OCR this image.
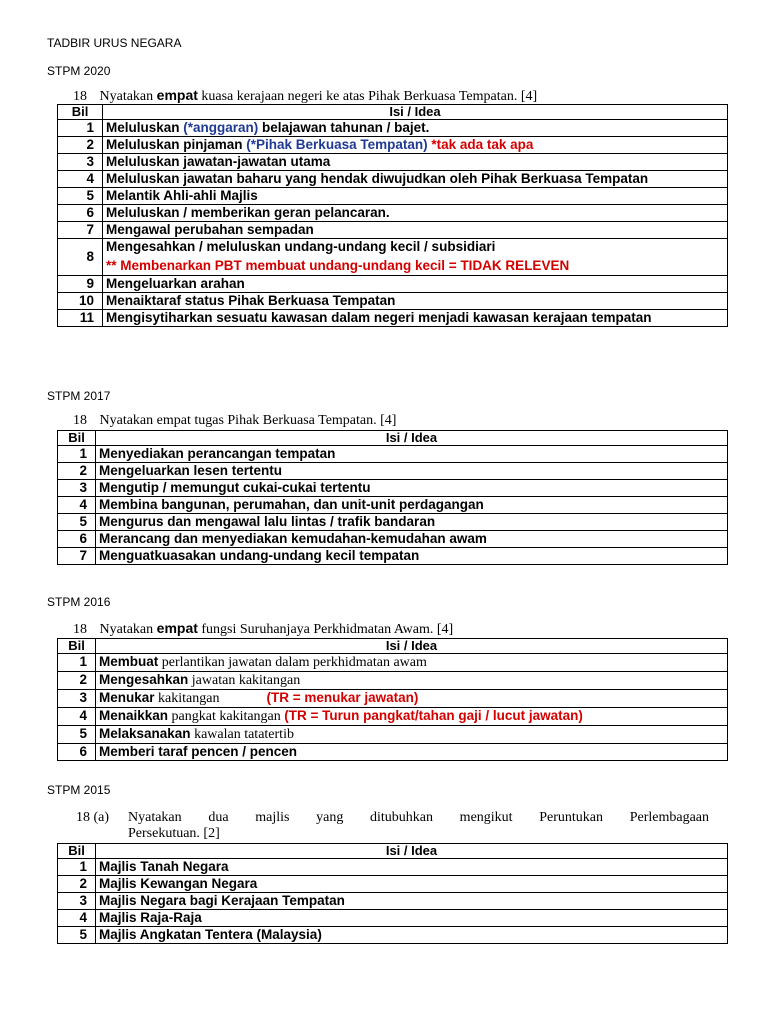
TADBIR URUS NEGARA
STPM 2020
18 Nyatakan empat kuasa kerajaan negeri ke atas Pihak Berkuasa Tempatan. [4]
Bil	Isi / Idea
1	Meluluskan (*anggaran) belajawan tahunan / bajet.
2	Meluluskan pinjaman (*Pihak Berkuasa Tempatan) *tak ada tak apa
3	Meluluskan jawatan-jawatan utama
4	Meluluskan jawatan baharu yang hendak diwujudkan oleh Pihak Berkuasa Tempatan
5	Melantik Ahli-ahli Majlis
6	Meluluskan / memberikan geran pelancaran.
7	Mengawal perubahan sempadan
8	Mengesahkan / meluluskan undang-undang kecil / subsidiari
** Membenarkan PBT membuat undang-undang kecil = TIDAK RELEVEN

9	Mengeluarkan arahan
10	Menaiktaraf status Pihak Berkuasa Tempatan
11	Mengisytiharkan sesuatu kawasan dalam negeri menjadi kawasan kerajaan tempatan
STPM 2017
18 Nyatakan empat tugas Pihak Berkuasa Tempatan. [4]
Bil	Isi / Idea
1	Menyediakan perancangan tempatan
2	Mengeluarkan lesen tertentu
3	Mengutip / memungut cukai-cukai tertentu
4	Membina bangunan, perumahan, dan unit-unit perdagangan
5	Mengurus dan mengawal lalu lintas / trafik bandaran
6	Merancang dan menyediakan kemudahan-kemudahan awam
7	Menguatkuasakan undang-undang kecil tempatan
STPM 2016
18 Nyatakan empat fungsi Suruhanjaya Perkhidmatan Awam. [4]
Bil	Isi / Idea
1	Membuat perlantikan jawatan dalam perkhidmatan awam
2	Mengesahkan jawatan kakitangan
3	Menukar kakitangan (TR = menukar jawatan)
4	Menaikkan pangkat kakitangan (TR = Turun pangkat/tahan gaji / lucut jawatan)
5	Melaksanakan kawalan tatatertib
6	Memberi taraf pencen / pencen
STPM 2015
18 (a)	Nyatakan dua majlis yang ditubuhkan mengikut Peruntukan Perlembagaan
Persekutuan. [2]
Bil	Isi / Idea
1	Majlis Tanah Negara
2	Majlis Kewangan Negara
3	Majlis Negara bagi Kerajaan Tempatan
4	Majlis Raja-Raja
5	Majlis Angkatan Tentera (Malaysia)
